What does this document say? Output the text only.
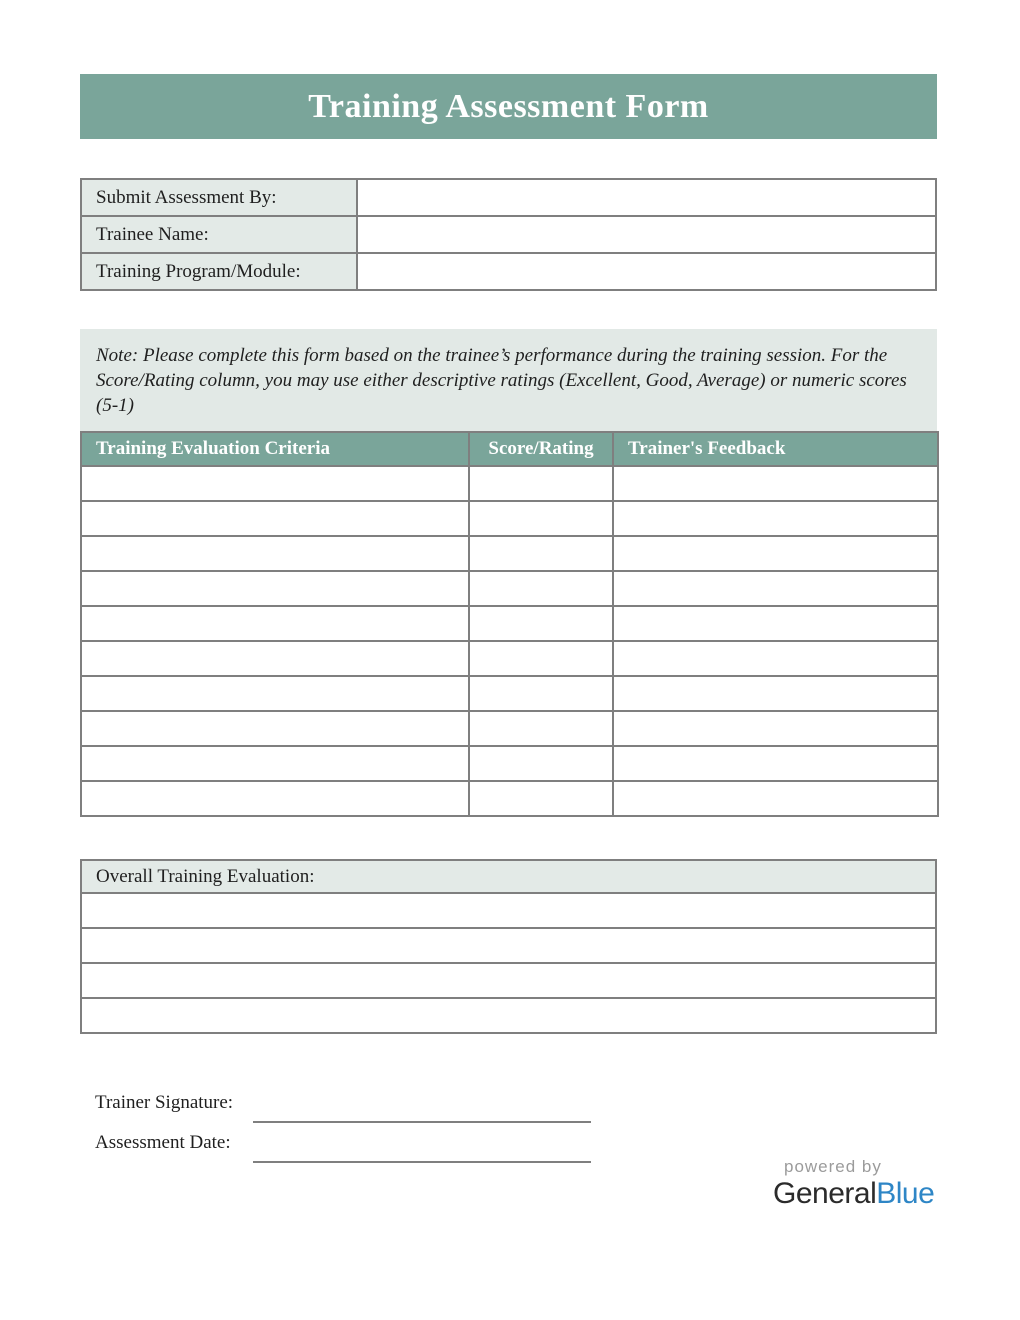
Training Assessment Form
Submit Assessment By:	
Trainee Name:	
Training Program/Module:	
Note: Please complete this form based on the trainee’s performance during the training session. For the Score/Rating column, you may use either descriptive ratings (Excellent, Good, Average) or numeric scores (5-1)
Training Evaluation Criteria	Score/Rating	Trainer's Feedback

Overall Training Evaluation:

Trainer Signature:
Assessment Date:
powered by
GeneralBlue
